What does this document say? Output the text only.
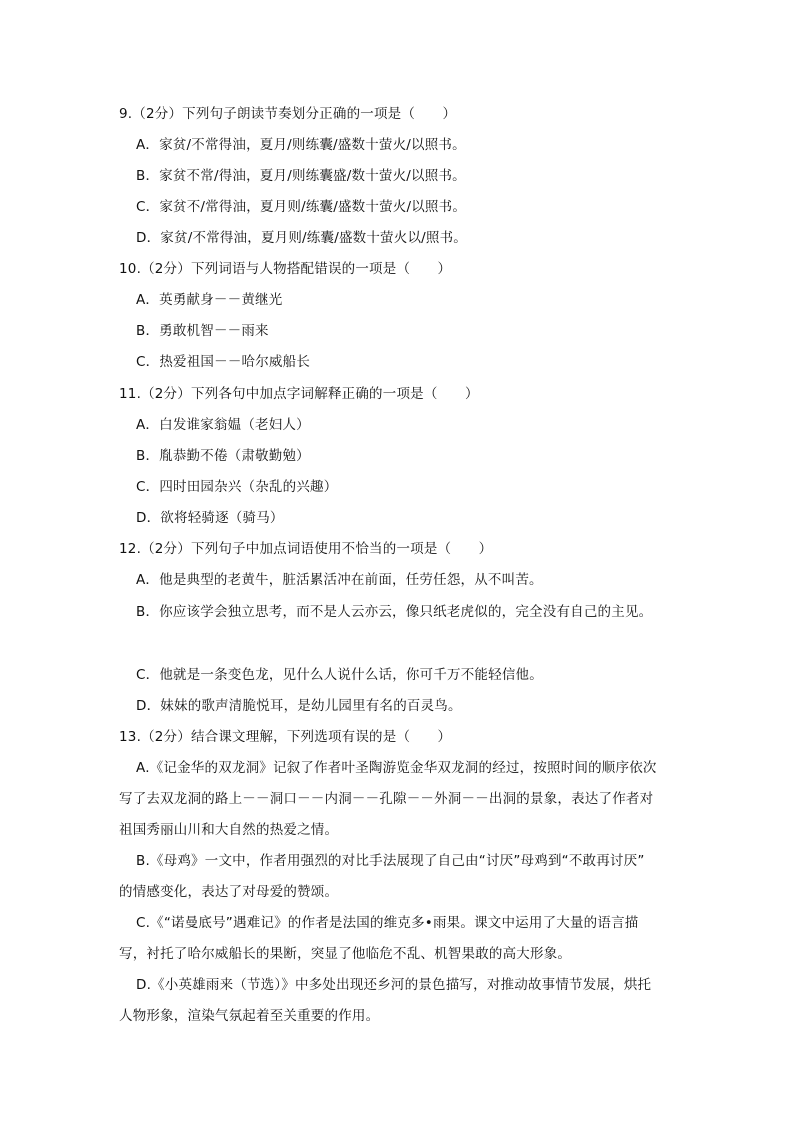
9.（2分）下列句子朗读节奏划分正确的一项是（　　）
A．家贫/不常得油，夏月/则练囊/盛数十萤火/以照书。
B．家贫不常/得油，夏月/则练囊盛/数十萤火/以照书。
C．家贫不/常得油，夏月则/练囊/盛数十萤火/以照书。
D．家贫/不常得油，夏月则/练囊/盛数十萤火以/照书。
10.（2分）下列词语与人物搭配错误的一项是（　　）
A．英勇献身－－黄继光
B．勇敢机智－－雨来
C．热爱祖国－－哈尔威船长
11.（2分）下列各句中加点字词解释正确的一项是（　　）
A．白发谁家翁媪（老妇人）
B．胤恭勤不倦（肃敬勤勉）
C．四时田园杂兴（杂乱的兴趣）
D．欲将轻骑逐（骑马）
12.（2分）下列句子中加点词语使用不恰当的一项是（　　）
A．他是典型的老黄牛，脏活累活冲在前面，任劳任怨，从不叫苦。
B．你应该学会独立思考，而不是人云亦云，像只纸老虎似的，完全没有自己的主见。
C．他就是一条变色龙，见什么人说什么话，你可千万不能轻信他。
D．妹妹的歌声清脆悦耳，是幼儿园里有名的百灵鸟。
13.（2分）结合课文理解，下列选项有误的是（　　）
A.《记金华的双龙洞》记叙了作者叶圣陶游览金华双龙洞的经过，按照时间的顺序依次
写了去双龙洞的路上－－洞口－－内洞－－孔隙－－外洞－－出洞的景象，表达了作者对
祖国秀丽山川和大自然的热爱之情。
B.《母鸡》一文中，作者用强烈的对比手法展现了自己由“讨厌”母鸡到“不敢再讨厌”
的情感变化，表达了对母爱的赞颂。
C.《“诺曼底号”遇难记》的作者是法国的维克多•雨果。课文中运用了大量的语言描
写，衬托了哈尔威船长的果断，突显了他临危不乱、机智果敢的高大形象。
D.《小英雄雨来（节选）》中多处出现还乡河的景色描写，对推动故事情节发展，烘托
人物形象，渲染气氛起着至关重要的作用。
